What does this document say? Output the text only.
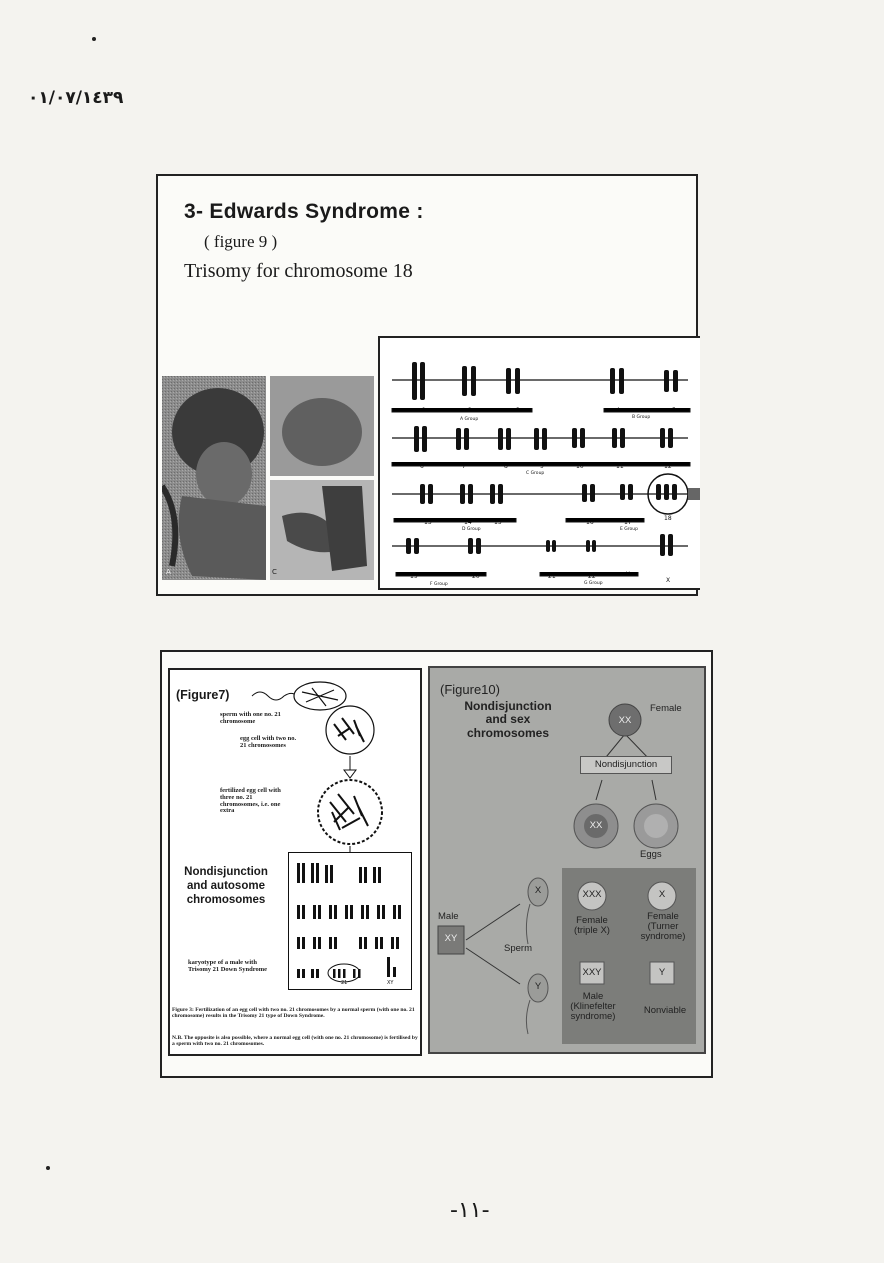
٠١/٠٧/١٤٣٩
3- Edwards Syndrome :
( figure 9 )
Trisomy for chromosome 18
A	C
18
X
A Group	B Group
C Group
D Group	E Group
F Group	G Group
(Figure7)
sperm with one no. 21 chromosome
egg cell with two no. 21 chromosomes
fertilized egg cell with three no. 21 chromosomes, i.e. one extra
Nondisjunction and autosome chromosomes
21	XY
karyotype of a male with Trisomy 21 Down Syndrome
Figure 3: Fertilization of an egg cell with two no. 21 chromosomes by a normal sperm (with one no. 21 chromosome) results in the Trisomy 21 type of Down Syndrome.
N.B. The opposite is also possible, where a normal egg cell (with one no. 21 chromosome) is fertilised by a sperm with two no. 21 chromosomes.
(Figure10)
Nondisjunction and sex chromosomes
Female
XX
Nondisjunction
XX
Eggs
Male
XY
Sperm
X
Y
XXX
Female (triple X)
X
Female (Turner syndrome)
XXY
Male (Klinefelter syndrome)
Y
Nonviable
-١١-
